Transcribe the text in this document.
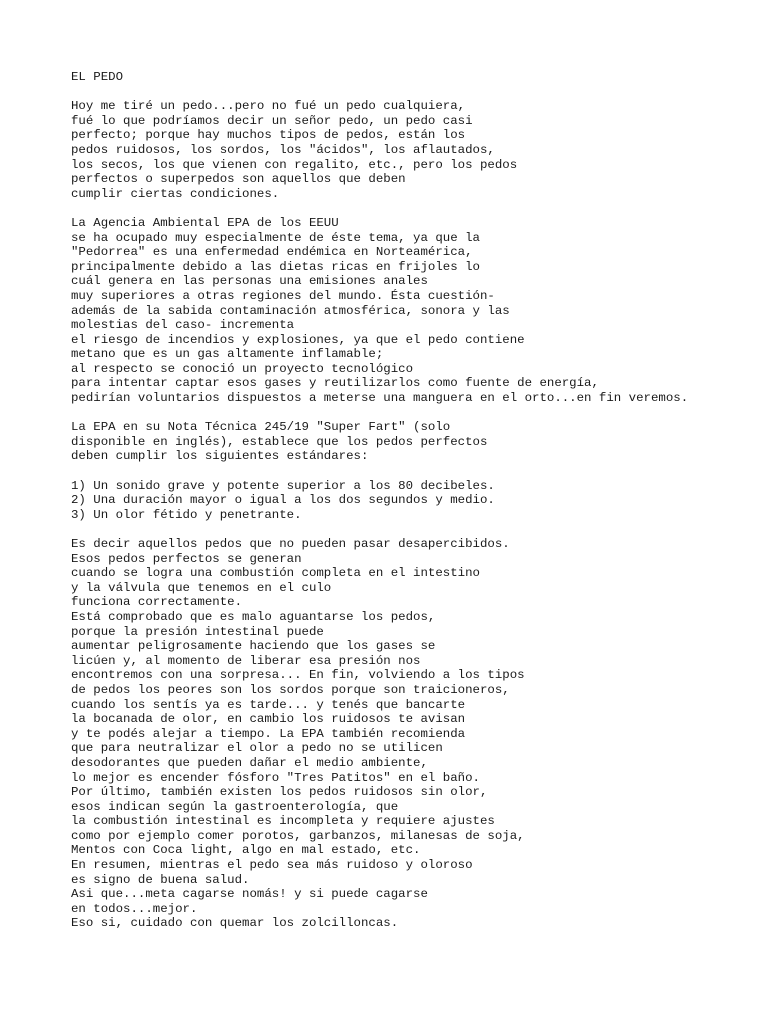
EL PEDO
Hoy me tiré un pedo...pero no fué un pedo cualquiera,
fué lo que podríamos decir un señor pedo, un pedo casi
perfecto; porque hay muchos tipos de pedos, están los
pedos ruidosos, los sordos, los "ácidos", los aflautados,
los secos, los que vienen con regalito, etc., pero los pedos
perfectos o superpedos son aquellos que deben
cumplir ciertas condiciones.
La Agencia Ambiental EPA de los EEUU
se ha ocupado muy especialmente de éste tema, ya que la
"Pedorrea" es una enfermedad endémica en Norteamérica,
principalmente debido a las dietas ricas en frijoles lo
cuál genera en las personas una emisiones anales
muy superiores a otras regiones del mundo. Ésta cuestión-
además de la sabida contaminación atmosférica, sonora y las
molestias del caso- incrementa
el riesgo de incendios y explosiones, ya que el pedo contiene
metano que es un gas altamente inflamable;
al respecto se conoció un proyecto tecnológico
para intentar captar esos gases y reutilizarlos como fuente de energía,
pedirían voluntarios dispuestos a meterse una manguera en el orto...en fin veremos.
La EPA en su Nota Técnica 245/19 "Super Fart" (solo
disponible en inglés), establece que los pedos perfectos
deben cumplir los siguientes estándares:
1) Un sonido grave y potente superior a los 80 decibeles.
2) Una duración mayor o igual a los dos segundos y medio.
3) Un olor fétido y penetrante.
Es decir aquellos pedos que no pueden pasar desapercibidos.
Esos pedos perfectos se generan
cuando se logra una combustión completa en el intestino
y la válvula que tenemos en el culo
funciona correctamente.
Está comprobado que es malo aguantarse los pedos,
porque la presión intestinal puede
aumentar peligrosamente haciendo que los gases se
licúen y, al momento de liberar esa presión nos
encontremos con una sorpresa... En fin, volviendo a los tipos
de pedos los peores son los sordos porque son traicioneros,
cuando los sentís ya es tarde... y tenés que bancarte
la bocanada de olor, en cambio los ruidosos te avisan
y te podés alejar a tiempo. La EPA también recomienda
que para neutralizar el olor a pedo no se utilicen
desodorantes que pueden dañar el medio ambiente,
lo mejor es encender fósforo "Tres Patitos" en el baño.
Por último, también existen los pedos ruidosos sin olor,
esos indican según la gastroenterología, que
la combustión intestinal es incompleta y requiere ajustes
como por ejemplo comer porotos, garbanzos, milanesas de soja,
Mentos con Coca light, algo en mal estado, etc.
En resumen, mientras el pedo sea más ruidoso y oloroso
es signo de buena salud.
Asi que...meta cagarse nomás! y si puede cagarse
en todos...mejor.
Eso si, cuidado con quemar los zolcilloncas.
